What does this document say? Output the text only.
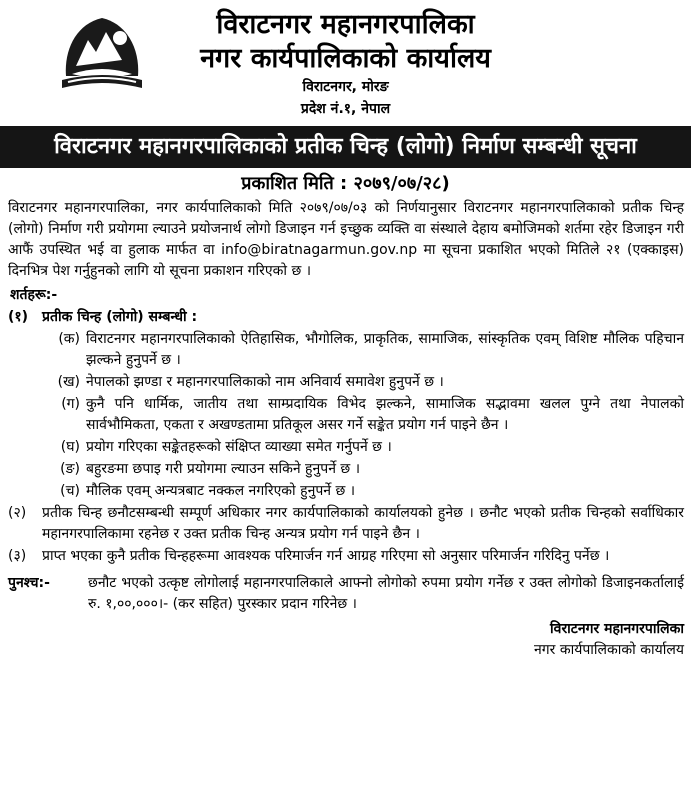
विराटनगर महानगरपालिका
नगर कार्यपालिकाको कार्यालय
विराटनगर, मोरङ
प्रदेश नं.१, नेपाल
विराटनगर महानगरपालिकाको प्रतीक चिन्ह (लोगो) निर्माण सम्बन्धी सूचना
प्रकाशित मिति : २०७९/०७/२८)

विराटनगर महानगरपालिका, नगर कार्यपालिकाको मिति २०७९/०७/०३ को निर्णयानुसार विराटनगर महानगरपालिकाको प्रतीक चिन्ह (लोगो) निर्माण गरी प्रयोगमा ल्याउने प्रयोजनार्थ लोगो डिजाइन गर्न इच्छुक व्यक्ति वा संस्थाले देहाय बमोजिमको शर्तमा रहेर डिजाइन गरी आफैं उपस्थित भई वा हुलाक मार्फत वा info@biratnagarmun.gov.np मा सूचना प्रकाशित भएको मितिले २१ (एक्काइस) दिनभित्र पेश गर्नुहुनको लागि यो सूचना प्रकाशन गरिएको छ ।

शर्तहरू:-
(१) प्रतीक चिन्ह (लोगो) सम्बन्धी :
(क) विराटनगर महानगरपालिकाको ऐतिहासिक, भौगोलिक, प्राकृतिक, सामाजिक, सांस्कृतिक एवम् विशिष्ट मौलिक पहिचान झल्कने हुनुपर्ने छ ।
(ख) नेपालको झण्डा र महानगरपालिकाको नाम अनिवार्य समावेश हुनुपर्ने छ ।
(ग) कुनै पनि धार्मिक, जातीय तथा साम्प्रदायिक विभेद झल्कने, सामाजिक सद्भावमा खलल पुग्ने तथा नेपालको सार्वभौमिकता, एकता र अखण्डतामा प्रतिकूल असर गर्ने सङ्केत प्रयोग गर्न पाइने छैन ।
(घ) प्रयोग गरिएका सङ्केतहरूको संक्षिप्त व्याख्या समेत गर्नुपर्ने छ ।
(ङ) बहुरङमा छपाइ गरी प्रयोगमा ल्याउन सकिने हुनुपर्ने छ ।
(च) मौलिक एवम् अन्यत्रबाट नक्कल नगरिएको हुनुपर्ने छ ।
(२)	प्रतीक चिन्ह छनौटसम्बन्धी सम्पूर्ण अधिकार नगर कार्यपालिकाको कार्यालयको हुनेछ । छनौट भएको प्रतीक चिन्हको सर्वाधिकार महानगरपालिकामा रहनेछ र उक्त प्रतीक चिन्ह अन्यत्र प्रयोग गर्न पाइने छैन ।
(३)	प्राप्त भएका कुनै प्रतीक चिन्हहरूमा आवश्यक परिमार्जन गर्न आग्रह गरिएमा सो अनुसार परिमार्जन गरिदिनु पर्नेछ ।
पुनश्च:-	छनौट भएको उत्कृष्ट लोगोलाई महानगरपालिकाले आफ्नो लोगोको रुपमा प्रयोग गर्नेछ र उक्त लोगोको डिजाइनकर्तालाई रु. १,००,०००।- (कर सहित) पुरस्कार प्रदान गरिनेछ ।
विराटनगर महानगरपालिका
नगर कार्यपालिकाको कार्यालय
